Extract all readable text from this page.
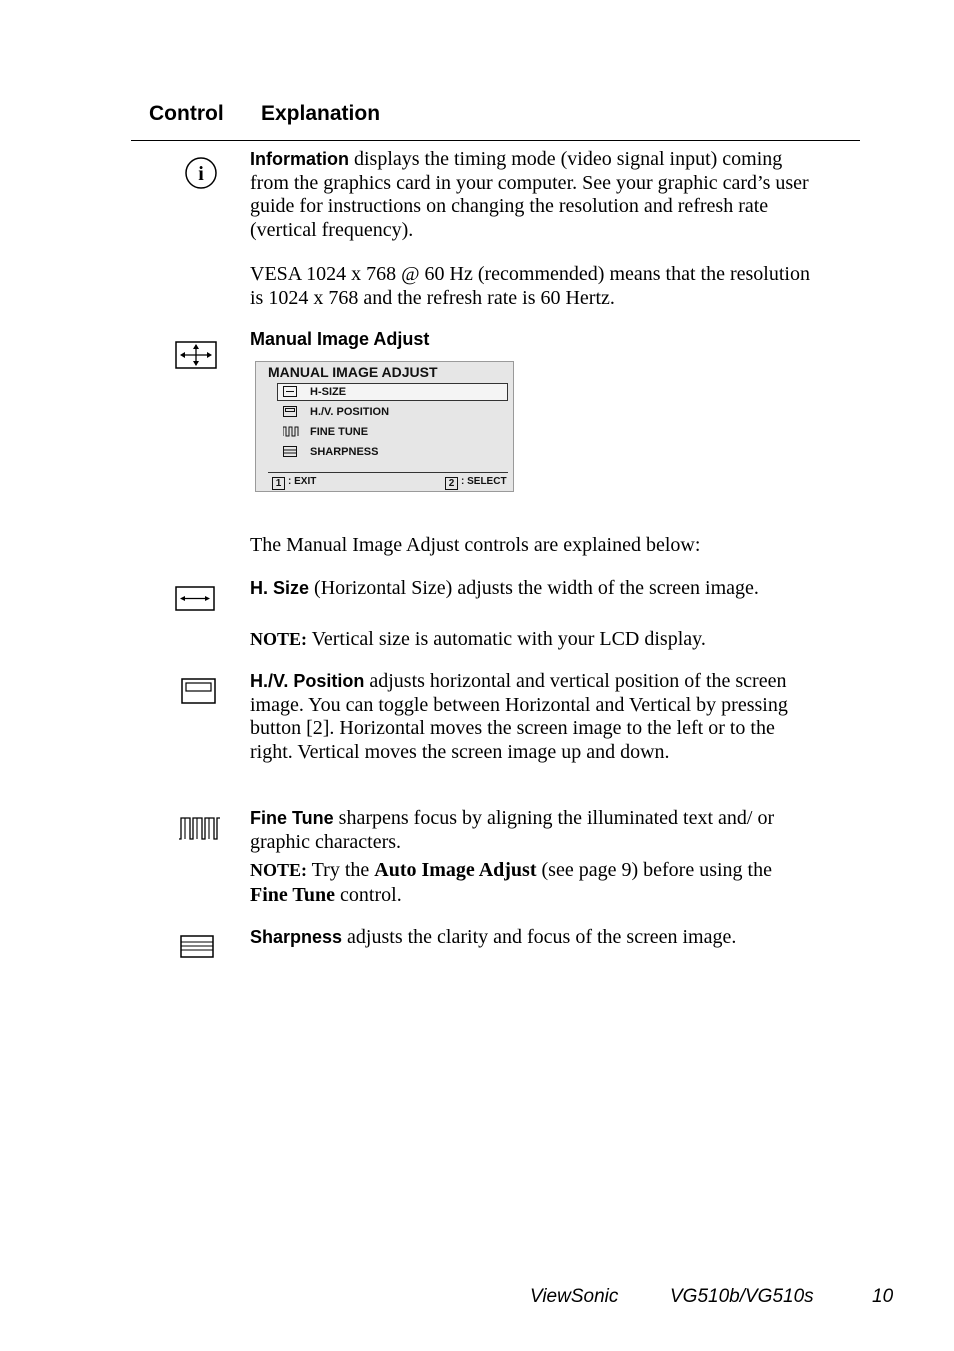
Control Explanation
i
Information displays the timing mode (video signal input) coming from the graphics card in your computer. See your graphic card’s user guide for instructions on changing the resolution and refresh rate (vertical frequency).
VESA 1024 x 768 @ 60 Hz (recommended) means that the resolution is 1024 x 768 and the refresh rate is 60 Hertz.
Manual Image Adjust
MANUAL IMAGE ADJUST
H-SIZE
H./V. POSITION
FINE TUNE
SHARPNESS
1 : EXIT	2 : SELECT
The Manual Image Adjust controls are explained below:
H. Size (Horizontal Size) adjusts the width of the screen image.
NOTE: Vertical size is automatic with your LCD display.
H./V. Position adjusts horizontal and vertical position of the screen image. You can toggle between Horizontal and Vertical by pressing button [2]. Horizontal moves the screen image to the left or to the right. Vertical moves the screen image up and down.
Fine Tune sharpens focus by aligning the illuminated text and/ or graphic characters.
NOTE: Try the Auto Image Adjust (see page 9) before using the Fine Tune control.
Sharpness adjusts the clarity and focus of the screen image.
ViewSonic	VG510b/VG510s	10
